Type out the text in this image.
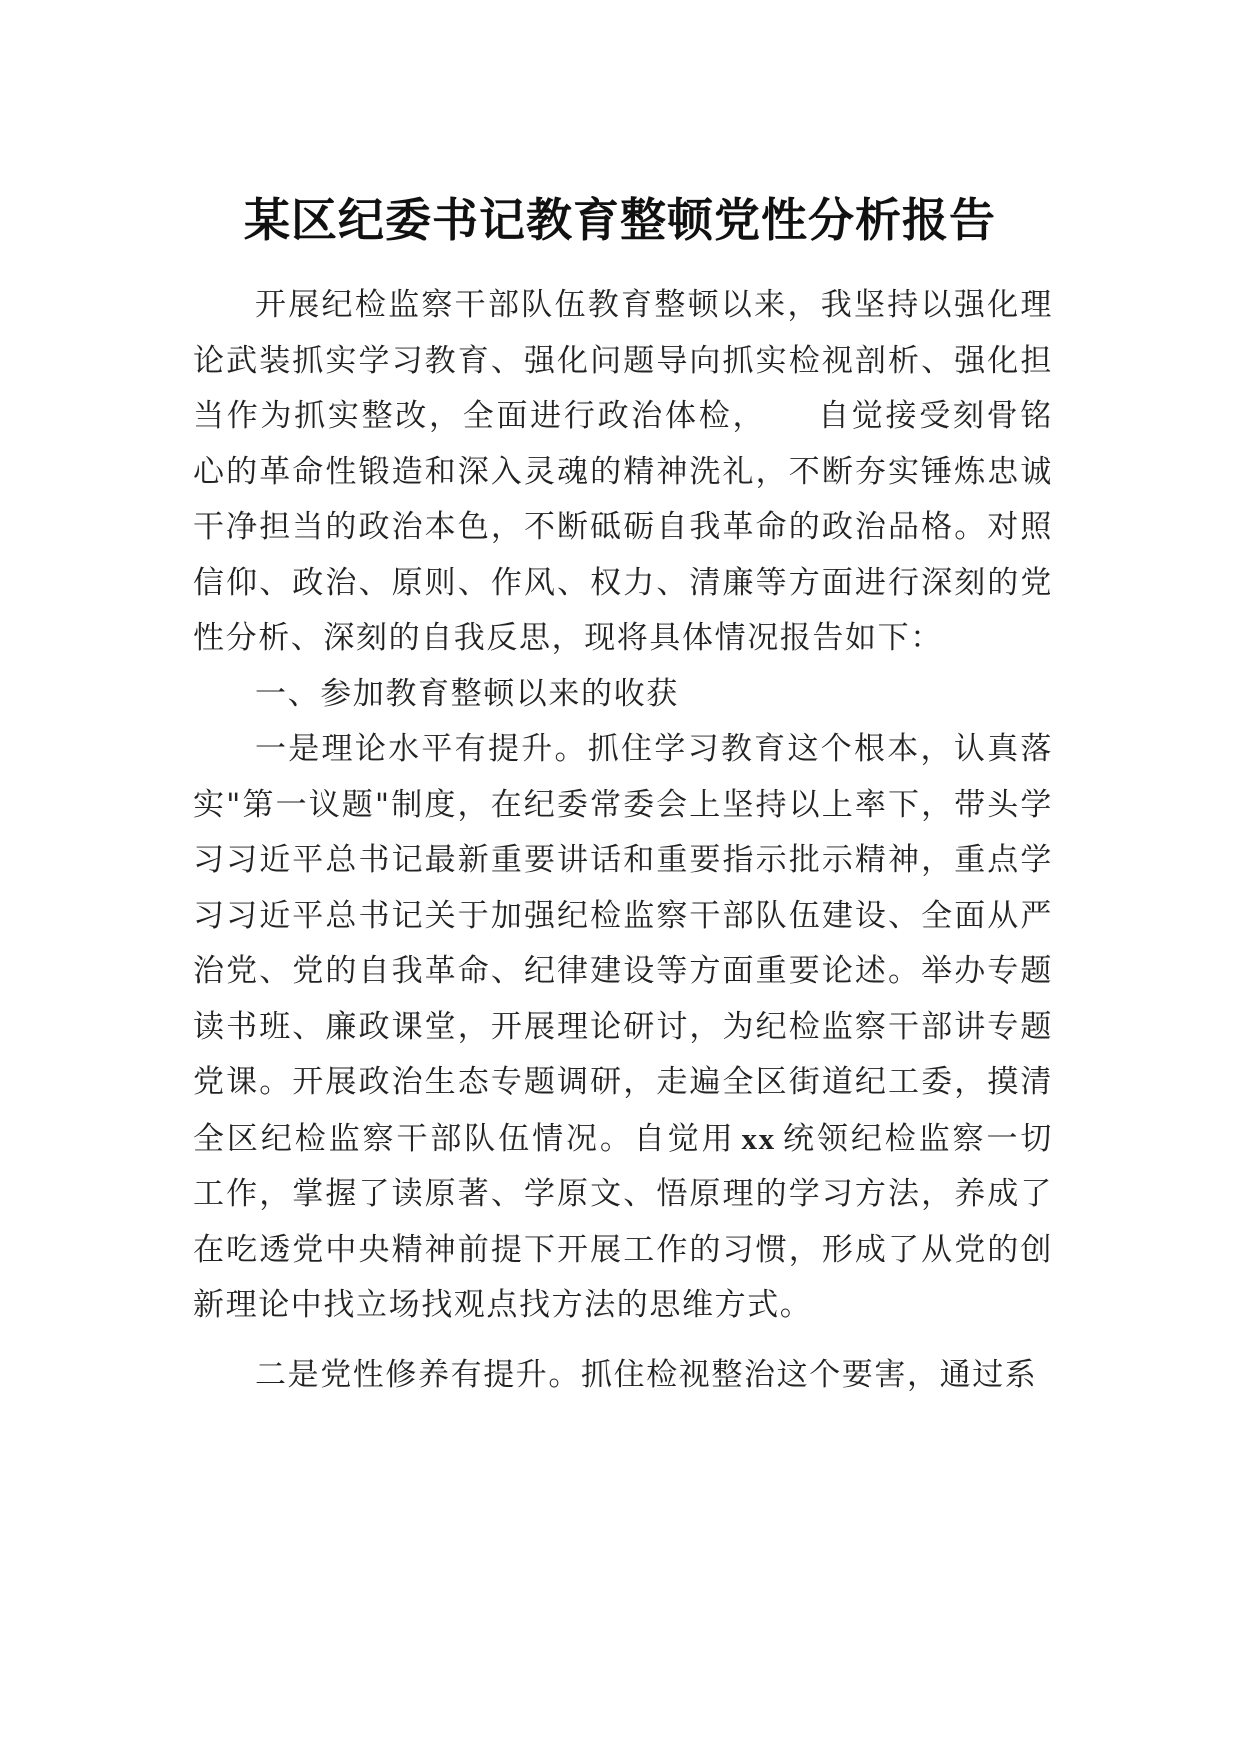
某区纪委书记教育整顿党性分析报告

开展纪检监察干部队伍教育整顿以来，我坚持以强化理论武装抓实学习教育、强化问题导向抓实检视剖析、强化担当作为抓实整改，全面进行政治体检，　　自觉接受刻骨铭心的革命性锻造和深入灵魂的精神洗礼，不断夯实锤炼忠诚干净担当的政治本色，不断砥砺自我革命的政治品格。对照信仰、政治、原则、作风、权力、清廉等方面进行深刻的党性分析、深刻的自我反思，现将具体情况报告如下：

一、参加教育整顿以来的收获

一是理论水平有提升。抓住学习教育这个根本，认真落实"第一议题"制度，在纪委常委会上坚持以上率下，带头学习习近平总书记最新重要讲话和重要指示批示精神，重点学习习近平总书记关于加强纪检监察干部队伍建设、全面从严治党、党的自我革命、纪律建设等方面重要论述。举办专题读书班、廉政课堂，开展理论研讨，为纪检监察干部讲专题党课。开展政治生态专题调研，走遍全区街道纪工委，摸清全区纪检监察干部队伍情况。自觉用 xx 统领纪检监察一切工作，掌握了读原著、学原文、悟原理的学习方法，养成了在吃透党中央精神前提下开展工作的习惯，形成了从党的创新理论中找立场找观点找方法的思维方式。

二是党性修养有提升。抓住检视整治这个要害，通过系
